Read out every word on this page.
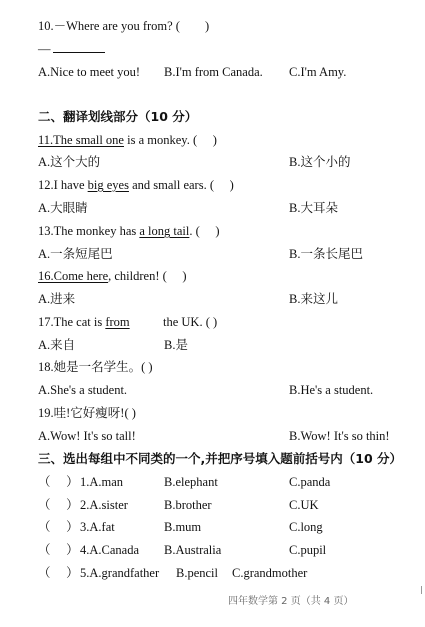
10.－Where are you from? (　　)
—
A.Nice to meet you! B.I'm from Canada. C.I'm Amy.
二、翻译划线部分（10 分）
11.The small one is a monkey. (　 )
A.这个大的	B.这个小的
12.I have big eyes and small ears. (　 )
A.大眼睛	B.大耳朵
13.The monkey has a long tail. (　 )
A.一条短尾巴	B.一条长尾巴
16.Come here, children! (　 )
A.进来	B.来这儿
17.The cat is from	the UK. ( )
A.来自	B.是
18.她是一名学生。( )
A.She's a student.	B.He's a student.
19.哇!它好瘦呀!( )
A.Wow! It's so tall!	B.Wow! It's so thin!
三、选出每组中不同类的一个,并把序号填入题前括号内（10 分）
（　 ） 1.A.man	B.elephant	C.panda
（　 ） 2.A.sister	B.brother	C.UK
（　 ） 3.A.fat	B.mum	C.long
（　 ） 4.A.Canada B.Australia	C.pupil
（　 ） 5.A.grandfather B.pencil C.grandmother
四年数学第 2 页（共 4 页）
